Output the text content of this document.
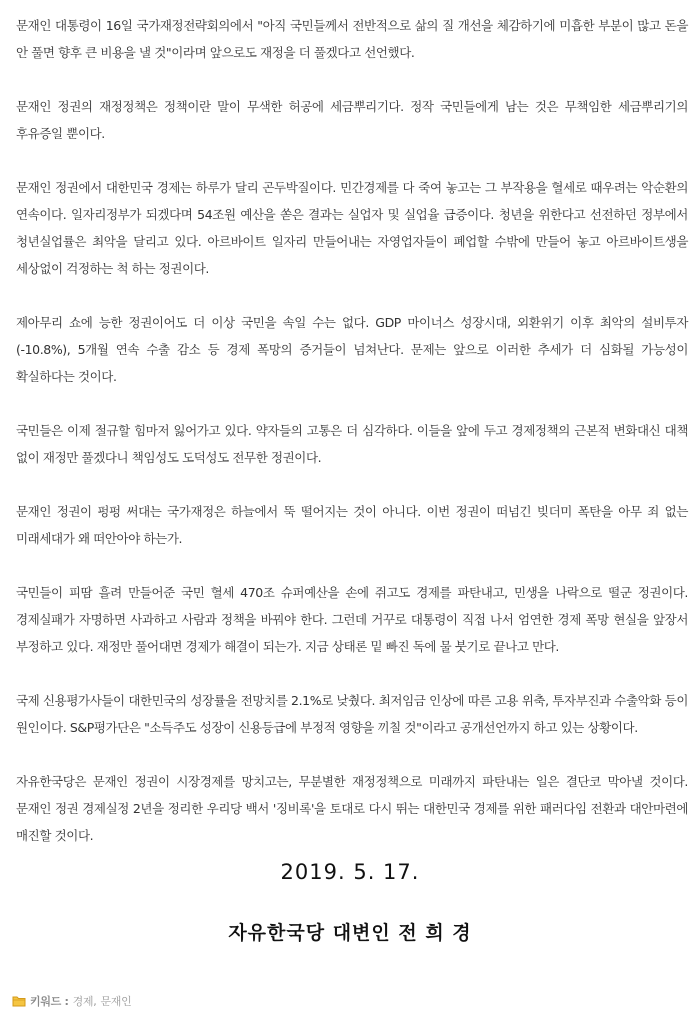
문재인 대통령이 16일 국가재정전략회의에서 "아직 국민들께서 전반적으로 삶의 질 개선을 체감하기에 미흡한 부분이 많고 돈을 안 풀면 향후 큰 비용을 낼 것"이라며 앞으로도 재정을 더 풀겠다고 선언했다.

문재인 정권의 재정정책은 정책이란 말이 무색한 허공에 세금뿌리기다. 정작 국민들에게 남는 것은 무책임한 세금뿌리기의 후유증일 뿐이다.

문재인 정권에서 대한민국 경제는 하루가 달리 곤두박질이다. 민간경제를 다 죽여 놓고는 그 부작용을 혈세로 때우려는 악순환의 연속이다. 일자리정부가 되겠다며 54조원 예산을 쏟은 결과는 실업자 및 실업율 급증이다. 청년을 위한다고 선전하던 정부에서 청년실업률은 최악을 달리고 있다. 아르바이트 일자리 만들어내는 자영업자들이 폐업할 수밖에 만들어 놓고 아르바이트생을 세상없이 걱정하는 척 하는 정권이다.

제아무리 쇼에 능한 정권이어도 더 이상 국민을 속일 수는 없다. GDP 마이너스 성장시대, 외환위기 이후 최악의 설비투자(-10.8%), 5개월 연속 수출 감소 등 경제 폭망의 증거들이 넘쳐난다. 문제는 앞으로 이러한 추세가 더 심화될 가능성이 확실하다는 것이다.

국민들은 이제 절규할 힘마저 잃어가고 있다. 약자들의 고통은 더 심각하다. 이들을 앞에 두고 경제정책의 근본적 변화대신 대책 없이 재정만 풀겠다니 책임성도 도덕성도 전무한 정권이다.

문재인 정권이 펑펑 써대는 국가재정은 하늘에서 뚝 떨어지는 것이 아니다. 이번 정권이 떠넘긴 빚더미 폭탄을 아무 죄 없는 미래세대가 왜 떠안아야 하는가.

국민들이 피땀 흘려 만들어준 국민 혈세 470조 슈퍼예산을 손에 쥐고도 경제를 파탄내고, 민생을 나락으로 떨군 정권이다. 경제실패가 자명하면 사과하고 사람과 정책을 바꿔야 한다. 그런데 거꾸로 대통령이 직접 나서 엄연한 경제 폭망 현실을 앞장서 부정하고 있다. 재정만 풀어대면 경제가 해결이 되는가. 지금 상태론 밑 빠진 독에 물 붓기로 끝나고 만다.

국제 신용평가사들이 대한민국의 성장률을 전망치를 2.1%로 낮췄다. 최저임금 인상에 따른 고용 위축, 투자부진과 수출악화 등이 원인이다. S&P평가단은 "소득주도 성장이 신용등급에 부정적 영향을 끼칠 것"이라고 공개선언까지 하고 있는 상황이다.

자유한국당은 문재인 정권이 시장경제를 망치고는, 무분별한 재정정책으로 미래까지 파탄내는 일은 결단코 막아낼 것이다. 문재인 정권 경제실정 2년을 정리한 우리당 백서 '징비록'을 토대로 다시 뛰는 대한민국 경제를 위한 패러다임 전환과 대안마련에 매진할 것이다.

2019. 5. 17.
자유한국당 대변인 전 희 경
키워드 : 경제 , 문재인
